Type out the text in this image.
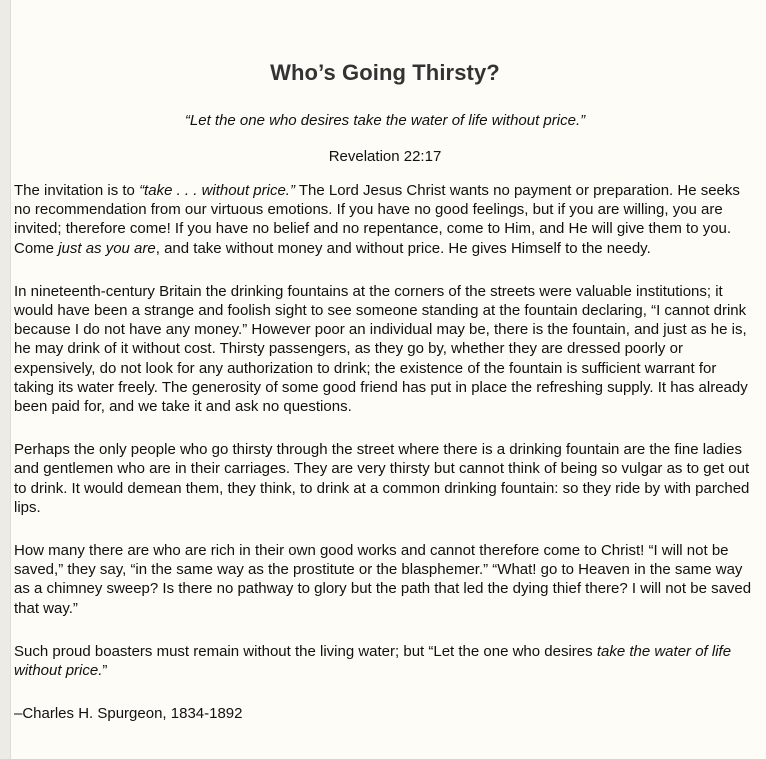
Who’s Going Thirsty?
“Let the one who desires take the water of life without price.”
Revelation 22:17

The invitation is to “take . . . without price.” The Lord Jesus Christ wants no payment or preparation. He seeks no recommendation from our virtuous emotions. If you have no good feelings, but if you are willing, you are invited; therefore come! If you have no belief and no repentance, come to Him, and He will give them to you. Come just as you are, and take without money and without price. He gives Himself to the needy.

In nineteenth-century Britain the drinking fountains at the corners of the streets were valuable institutions; it would have been a strange and foolish sight to see someone standing at the fountain declaring, “I cannot drink because I do not have any money.” However poor an individual may be, there is the fountain, and just as he is, he may drink of it without cost. Thirsty passengers, as they go by, whether they are dressed poorly or expensively, do not look for any authorization to drink; the existence of the fountain is sufficient warrant for taking its water freely. The generosity of some good friend has put in place the refreshing supply. It has already been paid for, and we take it and ask no questions.

Perhaps the only people who go thirsty through the street where there is a drinking fountain are the fine ladies and gentlemen who are in their carriages. They are very thirsty but cannot think of being so vulgar as to get out to drink. It would demean them, they think, to drink at a common drinking fountain: so they ride by with parched lips.

How many there are who are rich in their own good works and cannot therefore come to Christ! “I will not be saved,” they say, “in the same way as the prostitute or the blasphemer.” “What! go to Heaven in the same way as a chimney sweep? Is there no pathway to glory but the path that led the dying thief there? I will not be saved that way.”

Such proud boasters must remain without the living water; but “Let the one who desires take the water of life without price.”

–Charles H. Spurgeon, 1834-1892
